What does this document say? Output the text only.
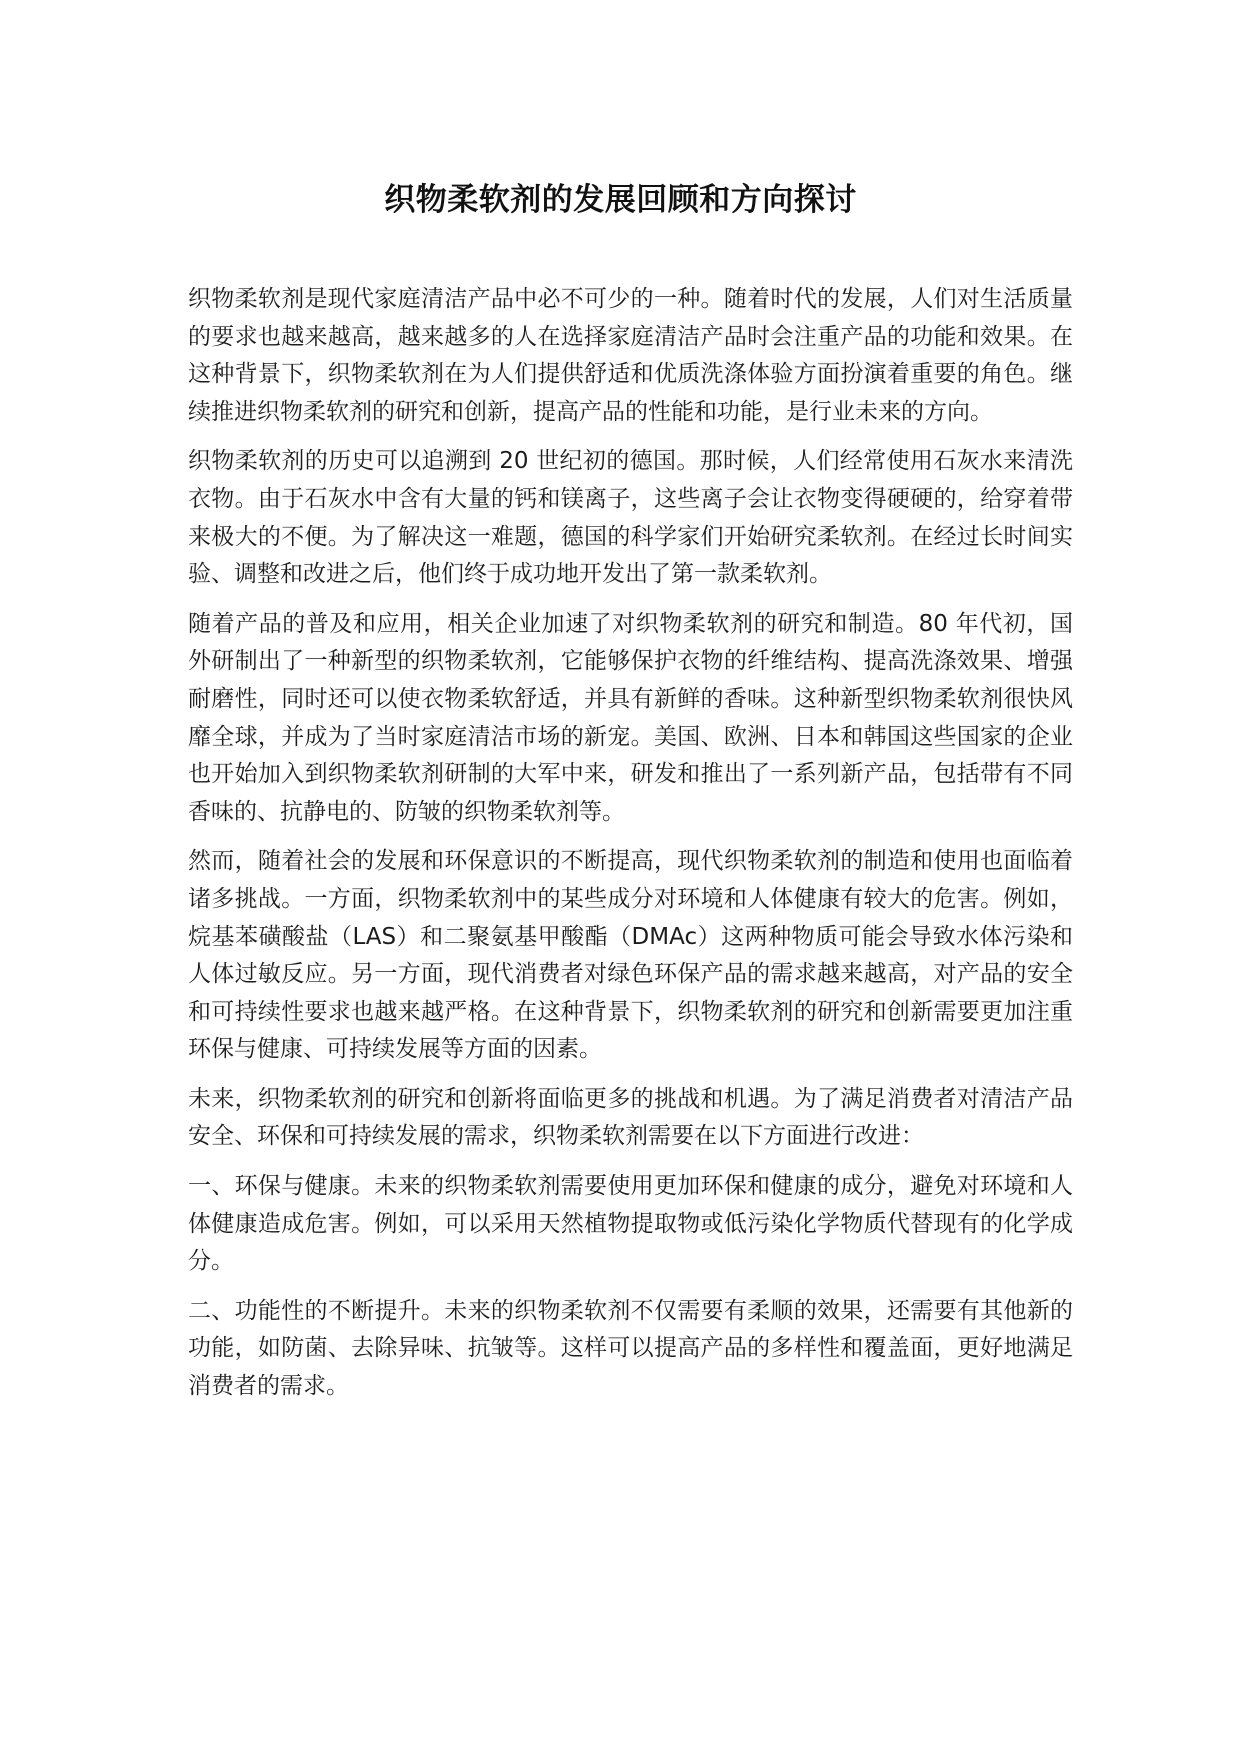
织物柔软剂的发展回顾和方向探讨

织物柔软剂是现代家庭清洁产品中必不可少的一种。随着时代的发展，人们对生活质量的要求也越来越高，越来越多的人在选择家庭清洁产品时会注重产品的功能和效果。在这种背景下，织物柔软剂在为人们提供舒适和优质洗涤体验方面扮演着重要的角色。继续推进织物柔软剂的研究和创新，提高产品的性能和功能，是行业未来的方向。

织物柔软剂的历史可以追溯到 20 世纪初的德国。那时候，人们经常使用石灰水来清洗衣物。由于石灰水中含有大量的钙和镁离子，这些离子会让衣物变得硬硬的，给穿着带来极大的不便。为了解决这一难题，德国的科学家们开始研究柔软剂。在经过长时间实验、调整和改进之后，他们终于成功地开发出了第一款柔软剂。

随着产品的普及和应用，相关企业加速了对织物柔软剂的研究和制造。80 年代初，国外研制出了一种新型的织物柔软剂，它能够保护衣物的纤维结构、提高洗涤效果、增强耐磨性，同时还可以使衣物柔软舒适，并具有新鲜的香味。这种新型织物柔软剂很快风靡全球，并成为了当时家庭清洁市场的新宠。美国、欧洲、日本和韩国这些国家的企业也开始加入到织物柔软剂研制的大军中来，研发和推出了一系列新产品，包括带有不同香味的、抗静电的、防皱的织物柔软剂等。

然而，随着社会的发展和环保意识的不断提高，现代织物柔软剂的制造和使用也面临着诸多挑战。一方面，织物柔软剂中的某些成分对环境和人体健康有较大的危害。例如，烷基苯磺酸盐（LAS）和二聚氨基甲酸酯（DMAc）这两种物质可能会导致水体污染和人体过敏反应。另一方面，现代消费者对绿色环保产品的需求越来越高，对产品的安全和可持续性要求也越来越严格。在这种背景下，织物柔软剂的研究和创新需要更加注重环保与健康、可持续发展等方面的因素。

未来，织物柔软剂的研究和创新将面临更多的挑战和机遇。为了满足消费者对清洁产品安全、环保和可持续发展的需求，织物柔软剂需要在以下方面进行改进：

一、环保与健康。未来的织物柔软剂需要使用更加环保和健康的成分，避免对环境和人体健康造成危害。例如，可以采用天然植物提取物或低污染化学物质代替现有的化学成分。

二、功能性的不断提升。未来的织物柔软剂不仅需要有柔顺的效果，还需要有其他新的功能，如防菌、去除异味、抗皱等。这样可以提高产品的多样性和覆盖面，更好地满足消费者的需求。
